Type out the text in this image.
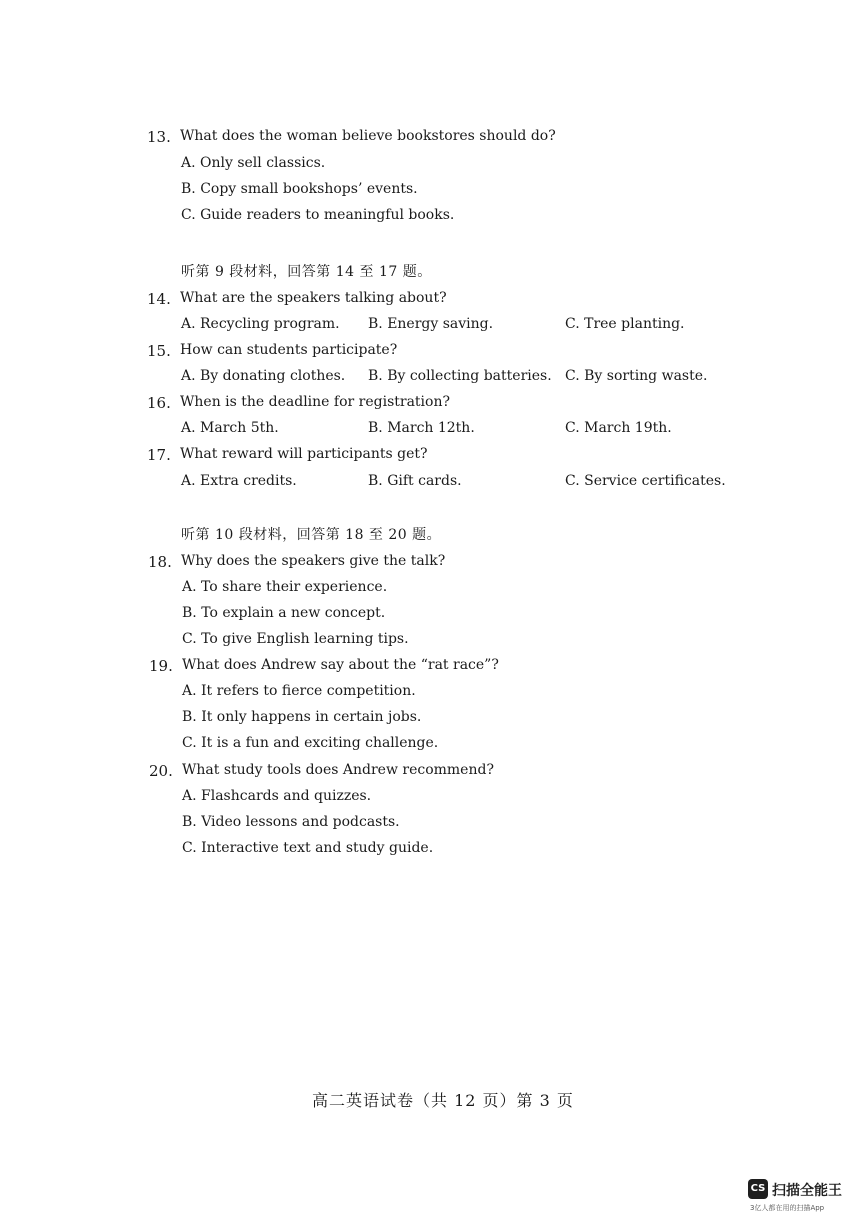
13. What does the woman believe bookstores should do?
A. Only sell classics.
B. Copy small bookshops’ events.
C. Guide readers to meaningful books.
听第 9 段材料，回答第 14 至 17 题。
14. What are the speakers talking about?
A. Recycling program. B. Energy saving.	C. Tree planting.
15. How can students participate?
A. By donating clothes. B. By collecting batteries. C. By sorting waste.
16. When is the deadline for registration?
A. March 5th.	B. March 12th.	C. March 19th.
17. What reward will participants get?
A. Extra credits.	B. Gift cards.	C. Service certificates.
听第 10 段材料，回答第 18 至 20 题。
18. Why does the speakers give the talk?
A. To share their experience.
B. To explain a new concept.
C. To give English learning tips.
19. What does Andrew say about the “rat race”?
A. It refers to fierce competition.
B. It only happens in certain jobs.
C. It is a fun and exciting challenge.
20. What study tools does Andrew recommend?
A. Flashcards and quizzes.
B. Video lessons and podcasts.
C. Interactive text and study guide.
高二英语试卷（共 12 页）第 3 页
CS 扫描全能王
3亿人都在用的扫描App
